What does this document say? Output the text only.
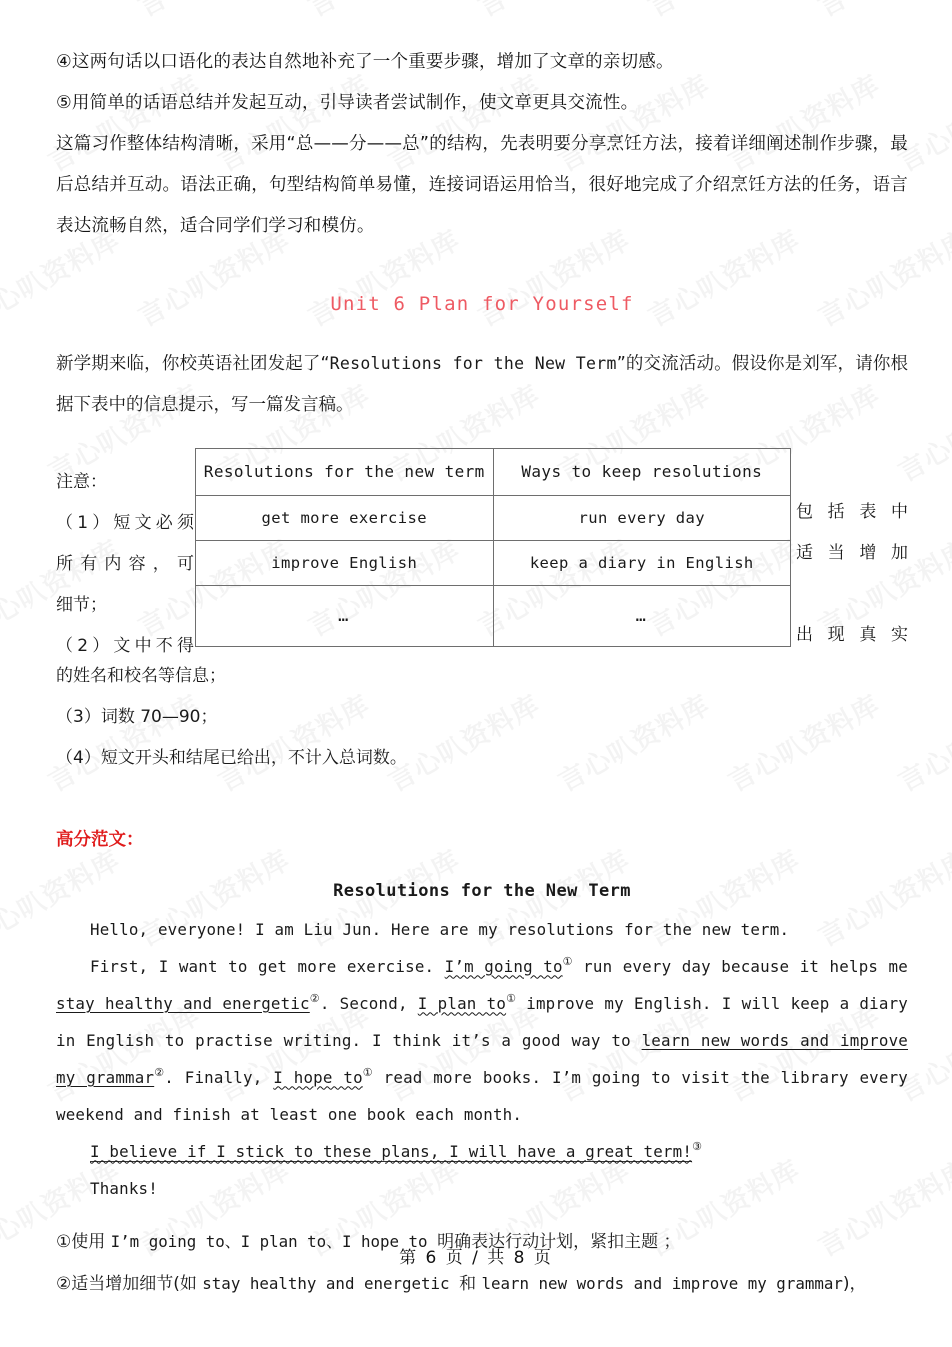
④这两句话以口语化的表达自然地补充了一个重要步骤，增加了文章的亲切感。

⑤用简单的话语总结并发起互动，引导读者尝试制作，使文章更具交流性。

这篇习作整体结构清晰，采用“总——分——总”的结构，先表明要分享烹饪方法，接着详细阐述制作步骤，最后总结并互动。语法正确，句型结构简单易懂，连接词语运用恰当，很好地完成了介绍烹饪方法的任务，语言表达流畅自然，适合同学们学习和模仿。

Unit 6 Plan for Yourself

新学期来临，你校英语社团发起了“Resolutions for the New Term”的交流活动。假设你是刘军，请你根据下表中的信息提示，写一篇发言稿。

注意：
（1）短文必须
所有内容，可
细节；
（2）文中不得
Resolutions for the new term	Ways to keep resolutions
get more exercise	run every day
improve English	keep a diary in English
…	…
包括表中
适当增加
出现真实
的姓名和校名等信息；
（3）词数 70—90；
（4）短文开头和结尾已给出，不计入总词数。
高分范文：
Resolutions for the New Term

Hello, everyone! I am Liu Jun. Here are my resolutions for the new term.

First, I want to get more exercise. I’m going to① run every day because it helps me stay healthy and energetic②. Second, I plan to① improve my English. I will keep a diary in English to practise writing. I think it’s a good way to learn new words and improve my grammar②. Finally, I hope to① read more books. I’m going to visit the library every weekend and finish at least one book each month.

I believe if I stick to these plans, I will have a great term!③

Thanks!

①使用 I’m going to、I plan to、I hope to 明确表达行动计划，紧扣主题 ；
②适当增加细节(如 stay healthy and energetic 和 learn new words and improve my grammar)，
第 6 页 / 共 8 页
